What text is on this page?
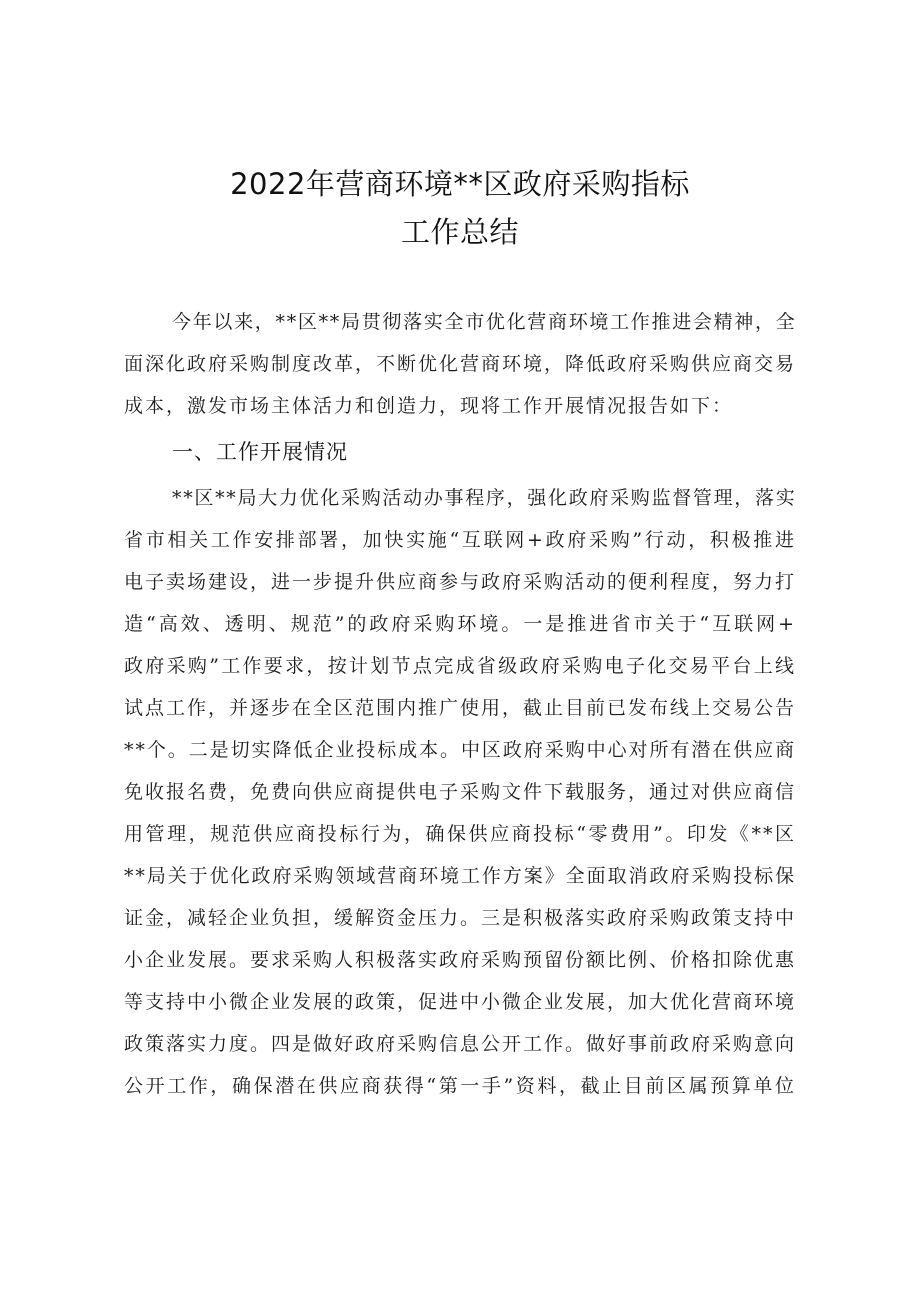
2022年营商环境**区政府采购指标
工作总结
今年以来，**区**局贯彻落实全市优化营商环境工作推进会精神，全
面深化政府采购制度改革，不断优化营商环境，降低政府采购供应商交易
成本，激发市场主体活力和创造力，现将工作开展情况报告如下：
一、工作开展情况
**区**局大力优化采购活动办事程序，强化政府采购监督管理，落实
省市相关工作安排部署，加快实施“互联网+政府采购”行动，积极推进
电子卖场建设，进一步提升供应商参与政府采购活动的便利程度，努力打
造“高效、透明、规范”的政府采购环境。一是推进省市关于“互联网+
政府采购”工作要求，按计划节点完成省级政府采购电子化交易平台上线
试点工作，并逐步在全区范围内推广使用，截止目前已发布线上交易公告
**个。二是切实降低企业投标成本。中区政府采购中心对所有潜在供应商
免收报名费，免费向供应商提供电子采购文件下载服务，通过对供应商信
用管理，规范供应商投标行为，确保供应商投标“零费用”。印发《**区
**局关于优化政府采购领域营商环境工作方案》全面取消政府采购投标保
证金，减轻企业负担，缓解资金压力。三是积极落实政府采购政策支持中
小企业发展。要求采购人积极落实政府采购预留份额比例、价格扣除优惠
等支持中小微企业发展的政策，促进中小微企业发展，加大优化营商环境
政策落实力度。四是做好政府采购信息公开工作。做好事前政府采购意向
公开工作，确保潜在供应商获得“第一手”资料，截止目前区属预算单位
